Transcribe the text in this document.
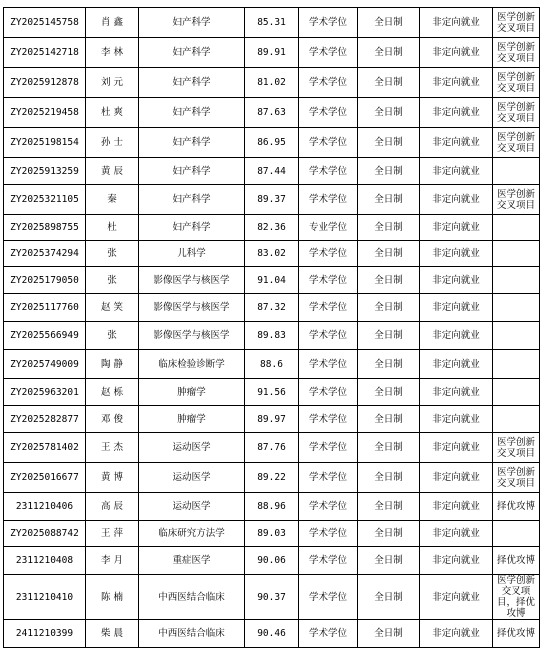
ZY2025145758	肖 鑫	妇产科学	85.31	学术学位	全日制	非定向就业	医学创新交叉项目
ZY2025142718	李 林	妇产科学	89.91	学术学位	全日制	非定向就业	医学创新交叉项目
ZY2025912878	刘 元	妇产科学	81.02	学术学位	全日制	非定向就业	医学创新交叉项目
ZY2025219458	杜 爽	妇产科学	87.63	学术学位	全日制	非定向就业	医学创新交叉项目
ZY2025198154	孙 士	妇产科学	86.95	学术学位	全日制	非定向就业	医学创新交叉项目
ZY2025913259	黄 辰	妇产科学	87.44	学术学位	全日制	非定向就业	
ZY2025321105	秦	妇产科学	89.37	学术学位	全日制	非定向就业	医学创新交叉项目
ZY2025898755	杜	妇产科学	82.36	专业学位	全日制	非定向就业	
ZY2025374294	张	儿科学	83.02	学术学位	全日制	非定向就业	
ZY2025179050	张	影像医学与核医学	91.04	学术学位	全日制	非定向就业	
ZY2025117760	赵 笑	影像医学与核医学	87.32	学术学位	全日制	非定向就业	
ZY2025566949	张	影像医学与核医学	89.83	学术学位	全日制	非定向就业	
ZY2025749009	陶 静	临床检验诊断学	88.6	学术学位	全日制	非定向就业	
ZY2025963201	赵 栎	肿瘤学	91.56	学术学位	全日制	非定向就业	
ZY2025282877	邓 俊	肿瘤学	89.97	学术学位	全日制	非定向就业	
ZY2025781402	王 杰	运动医学	87.76	学术学位	全日制	非定向就业	医学创新交叉项目
ZY2025016677	黄 博	运动医学	89.22	学术学位	全日制	非定向就业	医学创新交叉项目
2311210406	高 辰	运动医学	88.96	学术学位	全日制	非定向就业	择优攻博
ZY2025088742	王 萍	临床研究方法学	89.03	学术学位	全日制	非定向就业	
2311210408	李 月	重症医学	90.06	学术学位	全日制	非定向就业	择优攻博
2311210410	陈 楠	中西医结合临床	90.37	学术学位	全日制	非定向就业	医学创新交叉项目，择优攻博
2411210399	柴 晨	中西医结合临床	90.46	学术学位	全日制	非定向就业	择优攻博
